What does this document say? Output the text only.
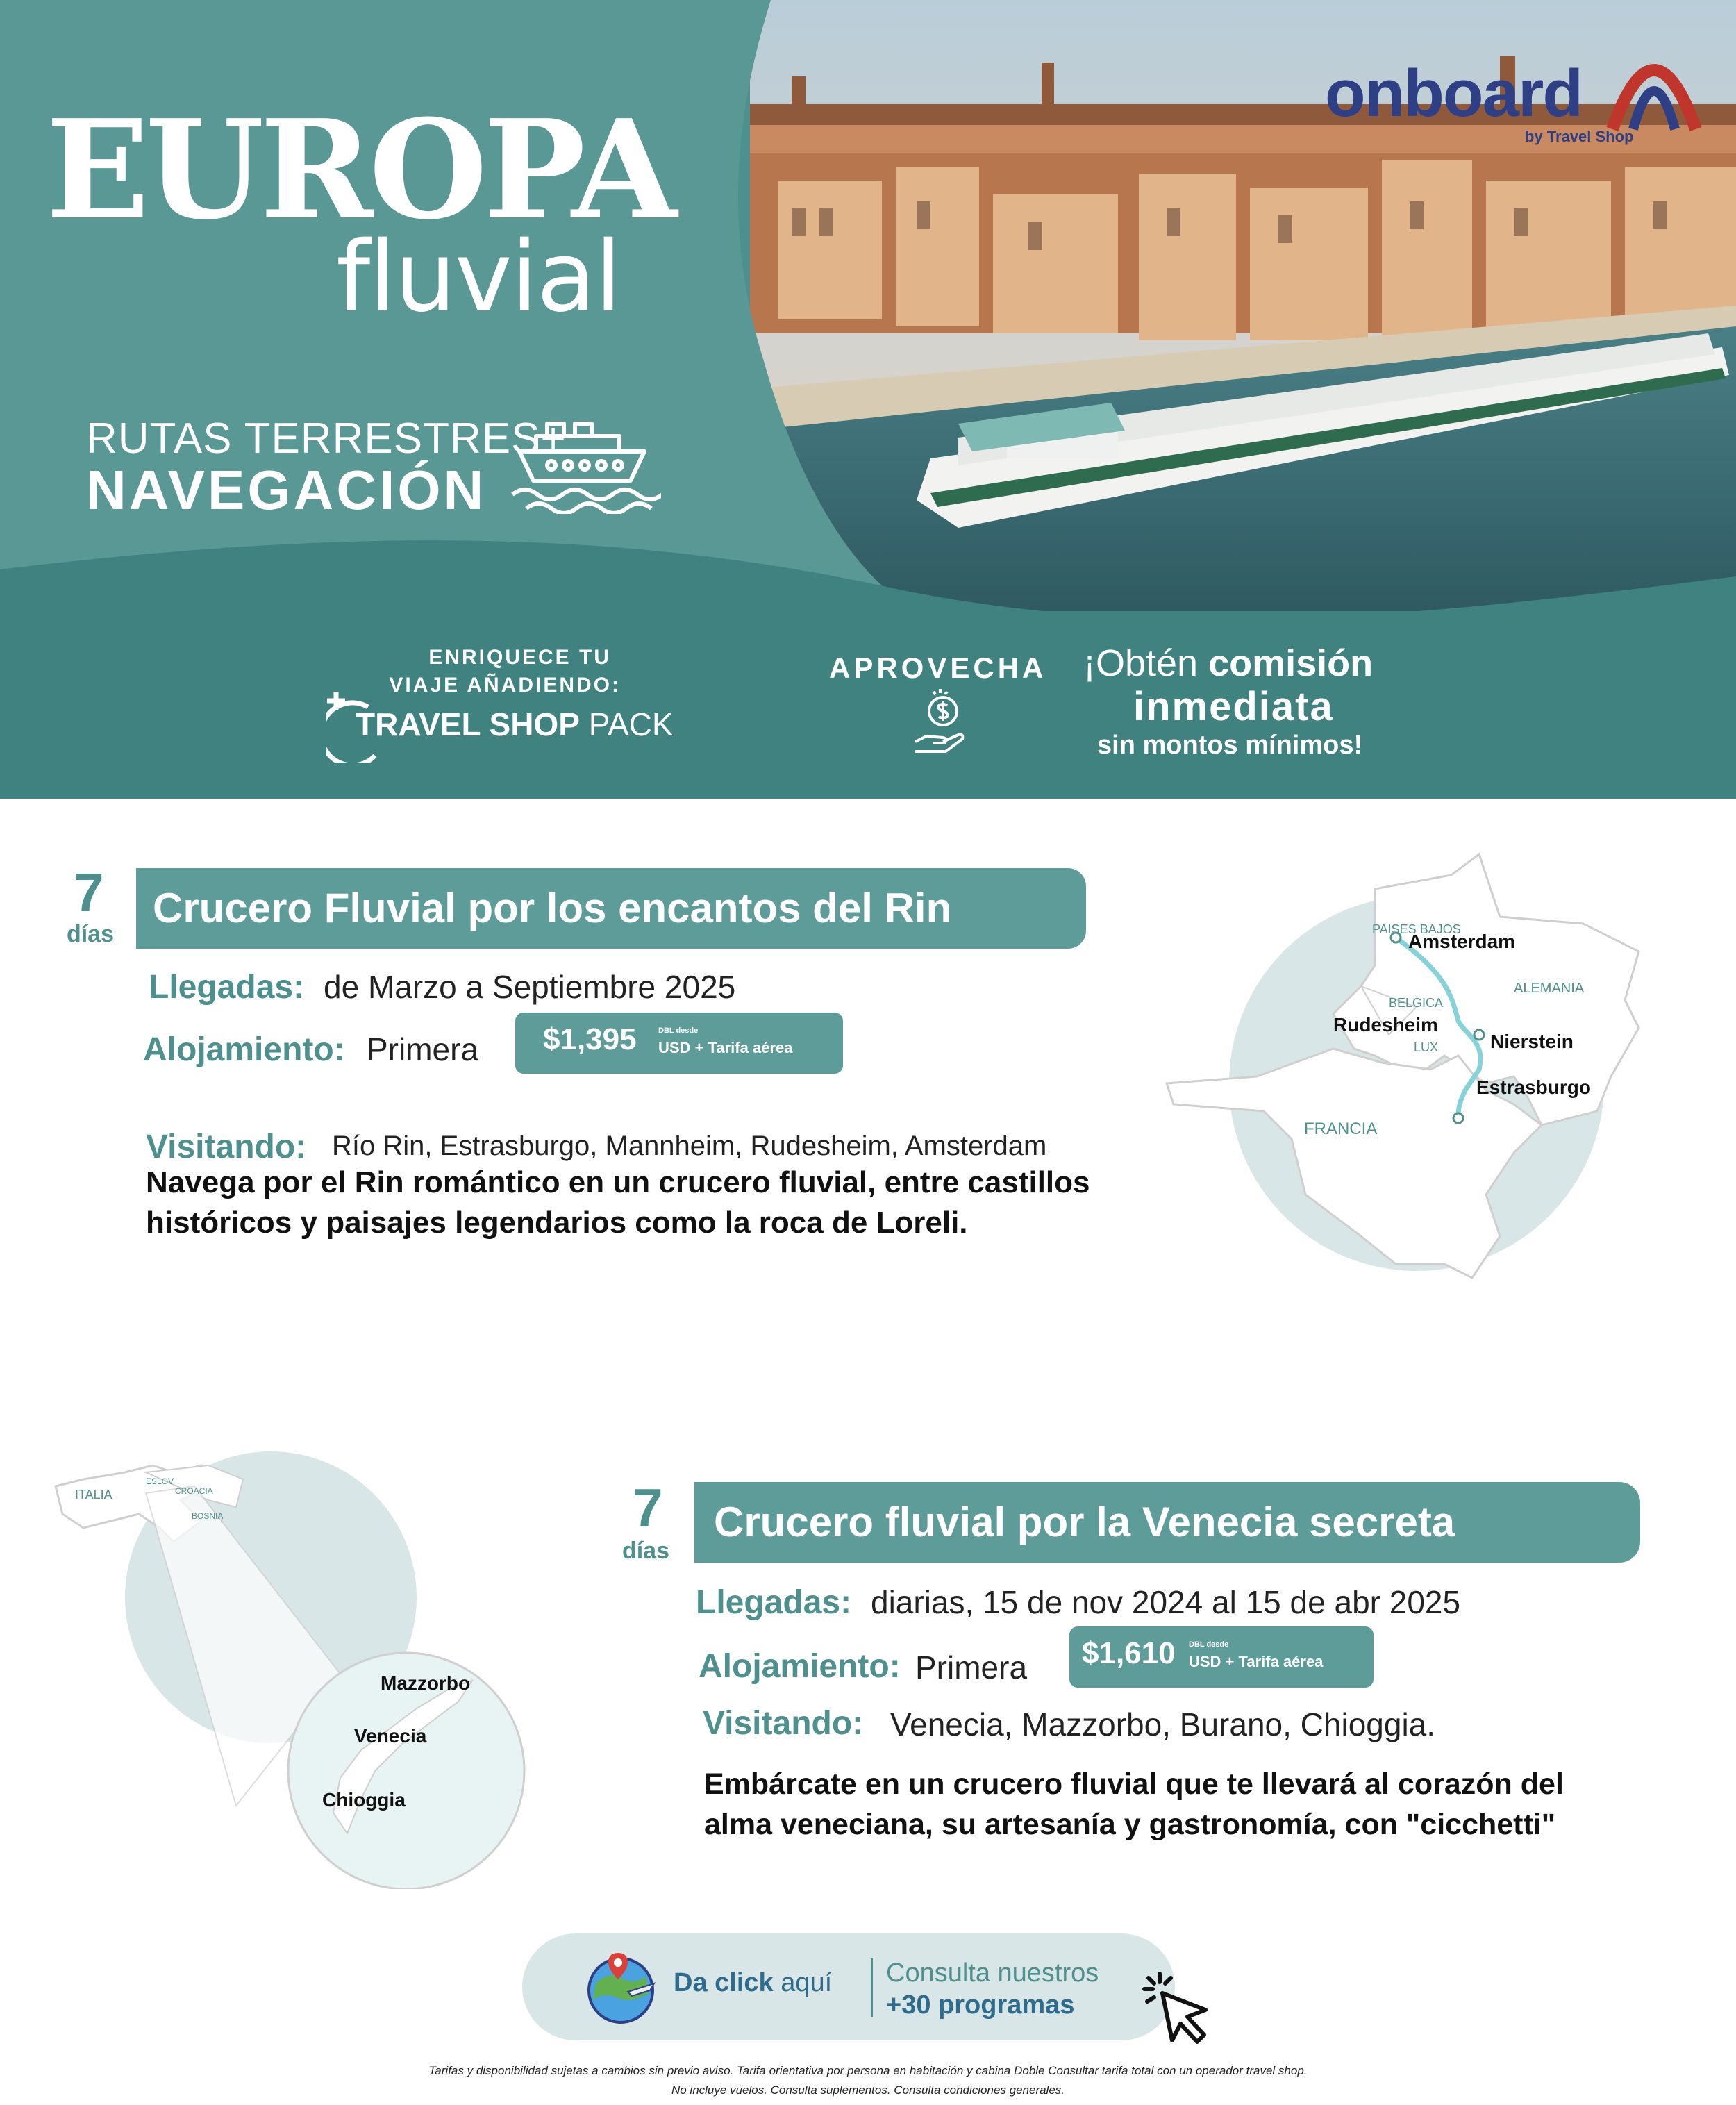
EUROPA
fluvial
RUTAS TERRESTRES+
NAVEGACIÓN
onboard
by Travel Shop
ENRIQUECE TU
VIAJE AÑADIENDO:
TRAVEL SHOP PACK
APROVECHA ¡Obtén comisión
inmediata
sin montos mínimos!
7
días
Crucero Fluvial por los encantos del Rin
Llegadas: de Marzo a Septiembre 2025
Alojamiento: Primera $1,395	DBL desde
USD + Tarifa aérea
Visitando: Río Rin, Estrasburgo, Mannheim, Rudesheim, Amsterdam
Navega por el Rin romántico en un crucero fluvial, entre castillos históricos y paisajes legendarios como la roca de Loreli.
PAISES BAJOS
Amsterdam
ALEMANIA
BELGICA
Rudesheim
Nierstein
LUX
Estrasburgo
FRANCIA
ITALIA
ESLOV
CROACIA
BOSNIA
Mazzorbo
Venecia
Chioggia
7
días
Crucero fluvial por la Venecia secreta
Llegadas: diarias, 15 de nov 2024 al 15 de abr 2025
Alojamiento: Primera $1,610 DBL desde
USD + Tarifa aérea
Visitando: Venecia, Mazzorbo, Burano, Chioggia.
Embárcate en un crucero fluvial que te llevará al corazón del
alma veneciana, su artesanía y gastronomía, con "cicchetti"
Da click aquí Consulta nuestros
+30 programas
Tarifas y disponibilidad sujetas a cambios sin previo aviso. Tarifa orientativa por persona en habitación y cabina Doble Consultar tarifa total con un operador travel shop.
No incluye vuelos. Consulta suplementos. Consulta condiciones generales.
